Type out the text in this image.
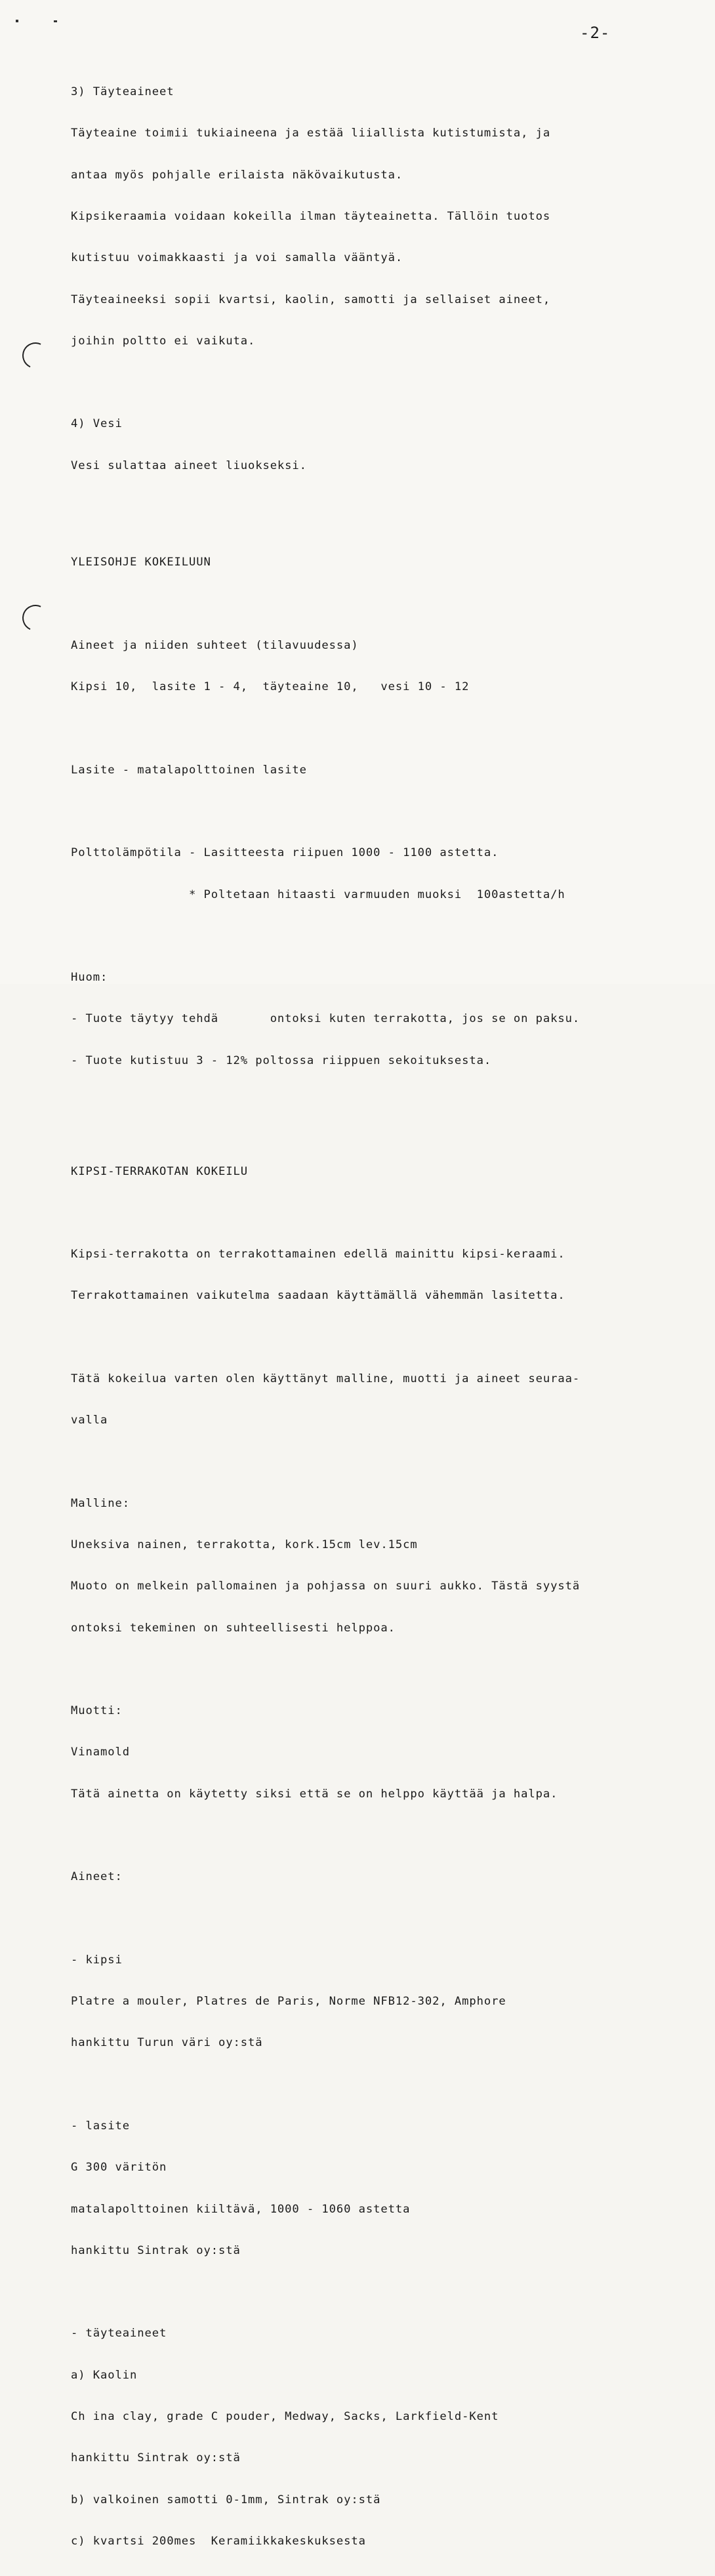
-2-

3) Täyteaineet

Täyteaine toimii tukiaineena ja estää liiallista kutistumista, ja

antaa myös pohjalle erilaista näkövaikutusta.

Kipsikeraamia voidaan kokeilla ilman täyteainetta. Tällöin tuotos

kutistuu voimakkaasti ja voi samalla vääntyä.

Täyteaineeksi sopii kvartsi, kaolin, samotti ja sellaiset aineet,

joihin poltto ei vaikuta.

4) Vesi

Vesi sulattaa aineet liuokseksi.

YLEISOHJE KOKEILUUN

Aineet ja niiden suhteet (tilavuudessa)

Kipsi 10,  lasite 1 - 4,  täyteaine 10,   vesi 10 - 12

Lasite - matalapolttoinen lasite

Polttolämpötila - Lasitteesta riipuen 1000 - 1100 astetta.

* Poltetaan hitaasti varmuuden muoksi  100astetta/h

Huom:

- Tuote täytyy tehdä       ontoksi kuten terrakotta, jos se on paksu.

- Tuote kutistuu 3 - 12% poltossa riippuen sekoituksesta.

KIPSI-TERRAKOTAN KOKEILU

Kipsi-terrakotta on terrakottamainen edellä mainittu kipsi-keraami.

Terrakottamainen vaikutelma saadaan käyttämällä vähemmän lasitetta.

Tätä kokeilua varten olen käyttänyt malline, muotti ja aineet seuraa-

valla

Malline:

Uneksiva nainen, terrakotta, kork.15cm lev.15cm

Muoto on melkein pallomainen ja pohjassa on suuri aukko. Tästä syystä

ontoksi tekeminen on suhteellisesti helppoa.

Muotti:

Vinamold

Tätä ainetta on käytetty siksi että se on helppo käyttää ja halpa.

Aineet:

- kipsi

Platre a mouler, Platres de Paris, Norme NFB12-302, Amphore

hankittu Turun väri oy:stä

- lasite

G 300 väritön

matalapolttoinen kiiltävä, 1000 - 1060 astetta

hankittu Sintrak oy:stä

- täyteaineet

a) Kaolin

Ch ina clay, grade C pouder, Medway, Sacks, Larkfield-Kent

hankittu Sintrak oy:stä

b) valkoinen samotti 0-1mm, Sintrak oy:stä

c) kvartsi 200mes  Keramiikkakeskuksesta
